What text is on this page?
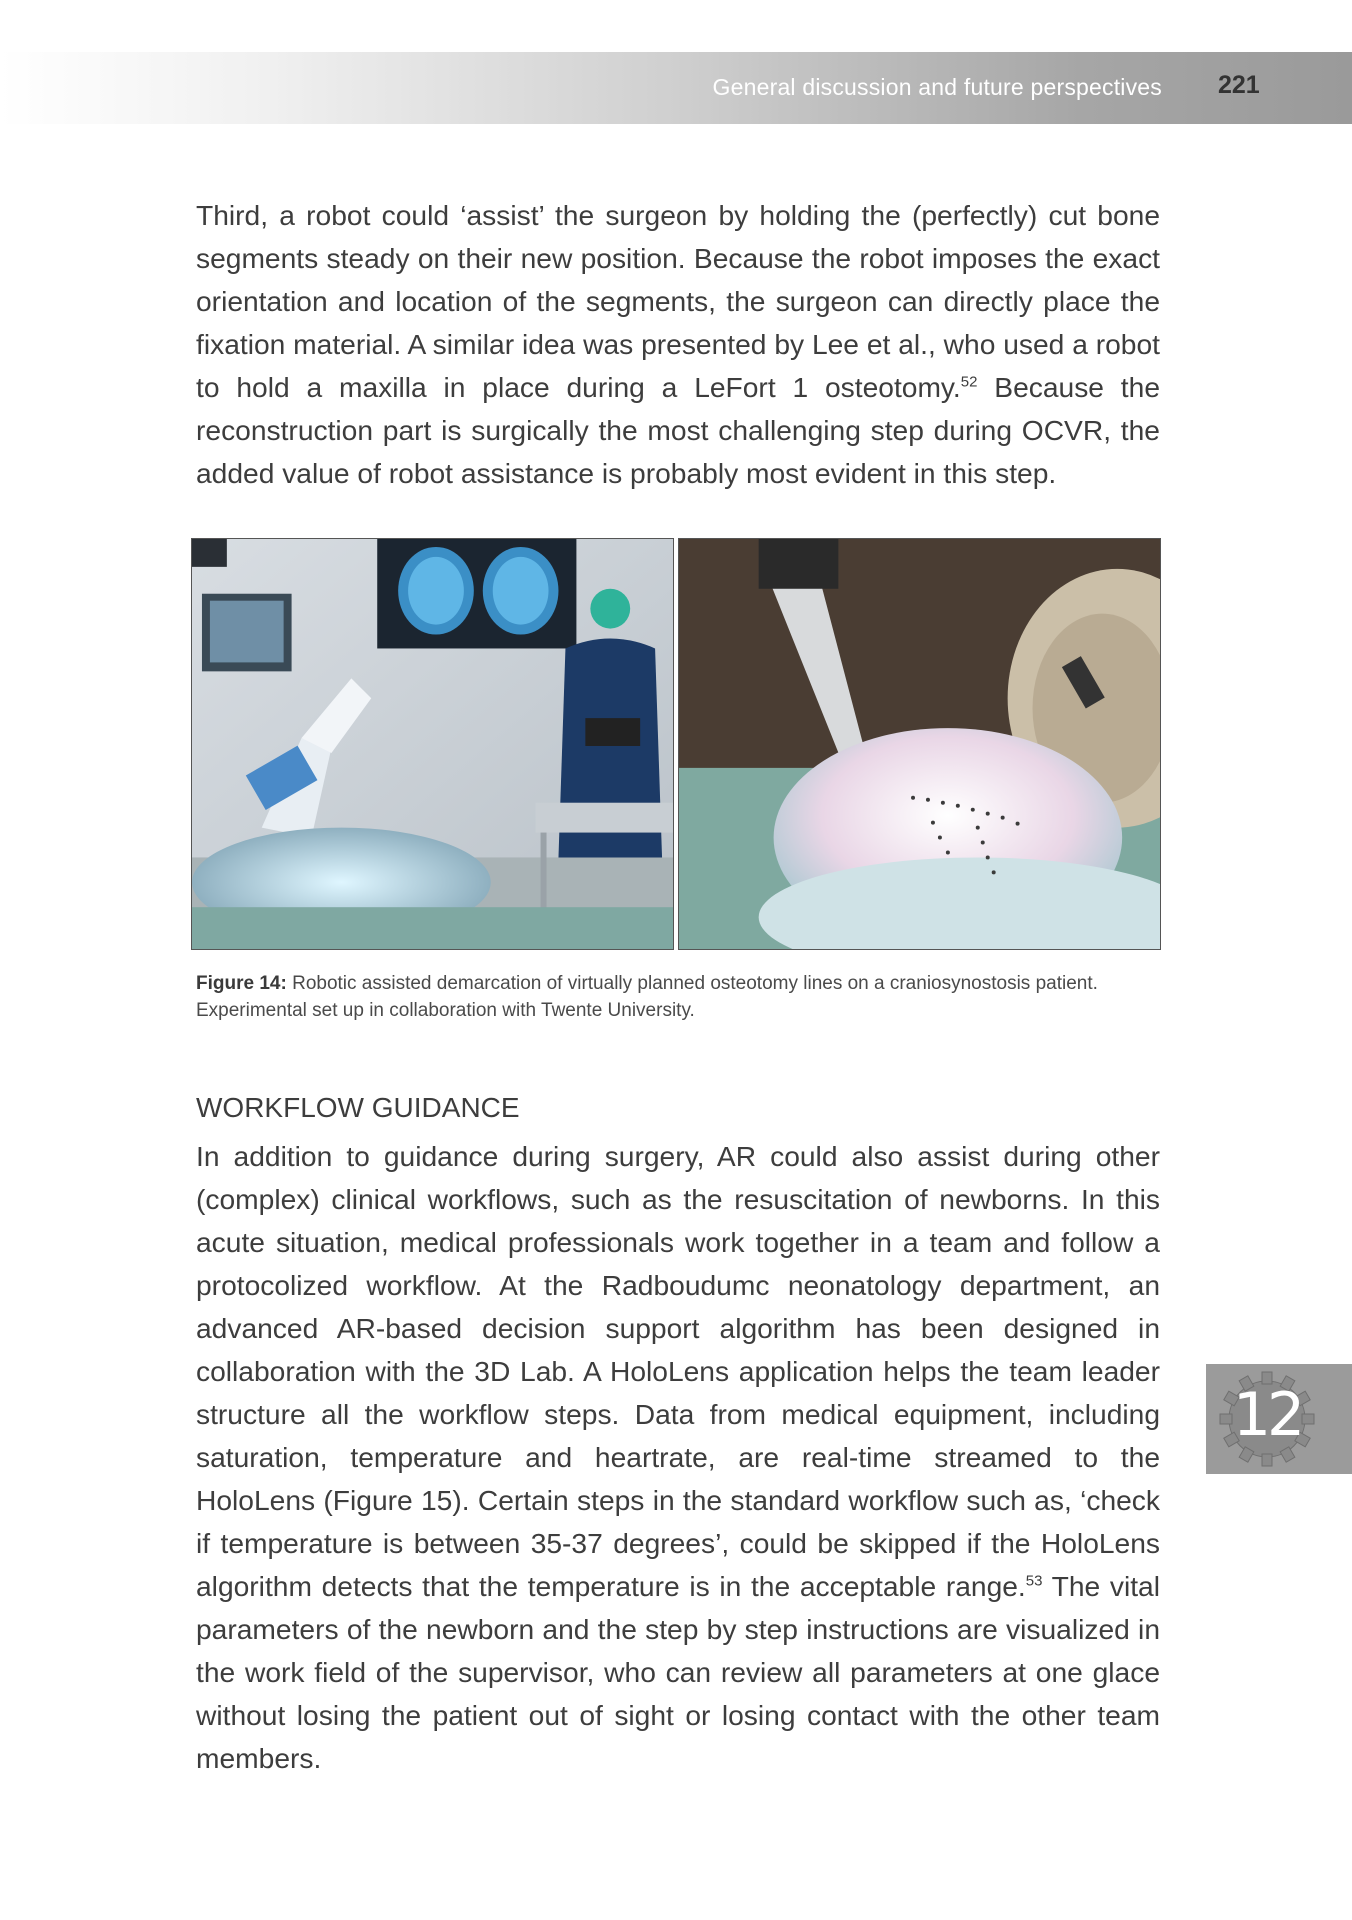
General discussion and future perspectives 221

Third, a robot could ‘assist’ the surgeon by holding the (perfectly) cut bone segments steady on their new position. Because the robot imposes the exact orientation and location of the segments, the surgeon can directly place the fixation material. A similar idea was presented by Lee et al., who used a robot to hold a maxilla in place during a LeFort 1 osteotomy.$^{52}$ Because the reconstruction part is surgically the most challenging step during OCVR, the added value of robot assistance is probably most evident in this step.

Figure 14: Robotic assisted demarcation of virtually planned osteotomy lines on a craniosynostosis patient. Experimental set up in collaboration with Twente University.

WORKFLOW GUIDANCE

In addition to guidance during surgery, AR could also assist during other (complex) clinical workflows, such as the resuscitation of newborns. In this acute situation, medical professionals work together in a team and follow a protocolized workflow. At the Radboudumc neonatology department, an advanced AR-based decision support algorithm has been designed in collaboration with the 3D Lab. A HoloLens application helps the team leader structure all the workflow steps. Data from medical equipment, including saturation, temperature and heartrate, are real-time streamed to the HoloLens (Figure 15). Certain steps in the standard workflow such as, ‘check if temperature is between 35-37 degrees’, could be skipped if the HoloLens algorithm detects that the temperature is in the acceptable range.$^{53}$ The vital parameters of the newborn and the step by step instructions are visualized in the work field of the supervisor, who can review all parameters at one glace without losing the patient out of sight or losing contact with the other team members.

12
